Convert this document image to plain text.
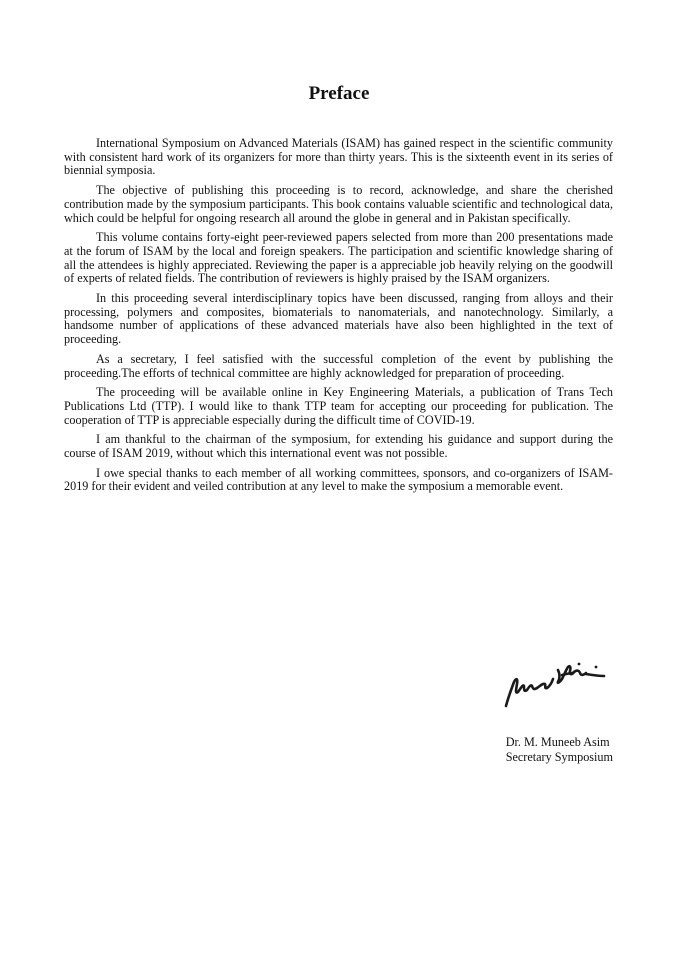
Preface

International Symposium on Advanced Materials (ISAM) has gained respect in the scientific community with consistent hard work of its organizers for more than thirty years. This is the sixteenth event in its series of biennial symposia.

The objective of publishing this proceeding is to record, acknowledge, and share the cherished contribution made by the symposium participants. This book contains valuable scientific and technological data, which could be helpful for ongoing research all around the globe in general and in Pakistan specifically.

This volume contains forty-eight peer-reviewed papers selected from more than 200 presentations made at the forum of ISAM by the local and foreign speakers. The participation and scientific knowledge sharing of all the attendees is highly appreciated. Reviewing the paper is a appreciable job heavily relying on the goodwill of experts of related fields. The contribution of reviewers is highly praised by the ISAM organizers.

In this proceeding several interdisciplinary topics have been discussed, ranging from alloys and their processing, polymers and composites, biomaterials to nanomaterials, and nanotechnology. Similarly, a handsome number of applications of these advanced materials have also been highlighted in the text of proceeding.

As a secretary, I feel satisfied with the successful completion of the event by publishing the proceeding.The efforts of technical committee are highly acknowledged for preparation of proceeding.

The proceeding will be available online in Key Engineering Materials, a publication of Trans Tech Publications Ltd (TTP). I would like to thank TTP team for accepting our proceeding for publication. The cooperation of TTP is appreciable especially during the difficult time of COVID-19.

I am thankful to the chairman of the symposium, for extending his guidance and support during the course of ISAM 2019, without which this international event was not possible.

I owe special thanks to each member of all working committees, sponsors, and co-organizers of ISAM-2019 for their evident and veiled contribution at any level to make the symposium a memorable event.

Dr. M. Muneeb Asim
Secretary Symposium
